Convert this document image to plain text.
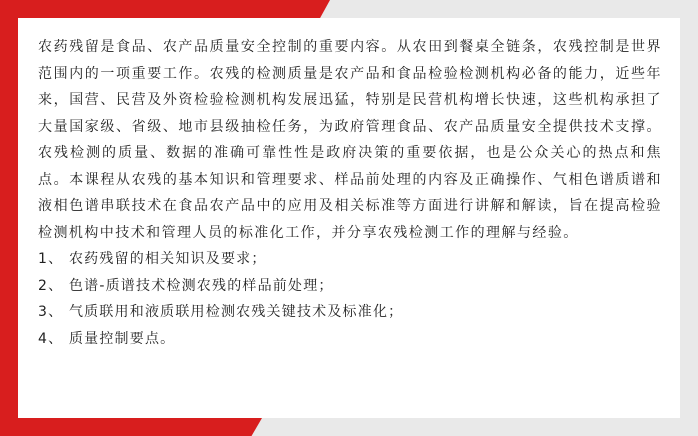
农药残留是食品、农产品质量安全控制的重要内容。从农田到餐桌全链条，农残控制是世界范围内的一项重要工作。农残的检测质量是农产品和食品检验检测机构必备的能力，近些年来，国营、民营及外资检验检测机构发展迅猛，特别是民营机构增长快速，这些机构承担了大量国家级、省级、地市县级抽检任务，为政府管理食品、农产品质量安全提供技术支撑。农残检测的质量、数据的准确可靠性性是政府决策的重要依据，也是公众关心的热点和焦点。本课程从农残的基本知识和管理要求、样品前处理的内容及正确操作、气相色谱质谱和液相色谱串联技术在食品农产品中的应用及相关标准等方面进行讲解和解读，旨在提高检验检测机构中技术和管理人员的标准化工作，并分享农残检测工作的理解与经验。

1、 农药残留的相关知识及要求；
2、 色谱-质谱技术检测农残的样品前处理；
3、 气质联用和液质联用检测农残关键技术及标准化；
4、 质量控制要点。
